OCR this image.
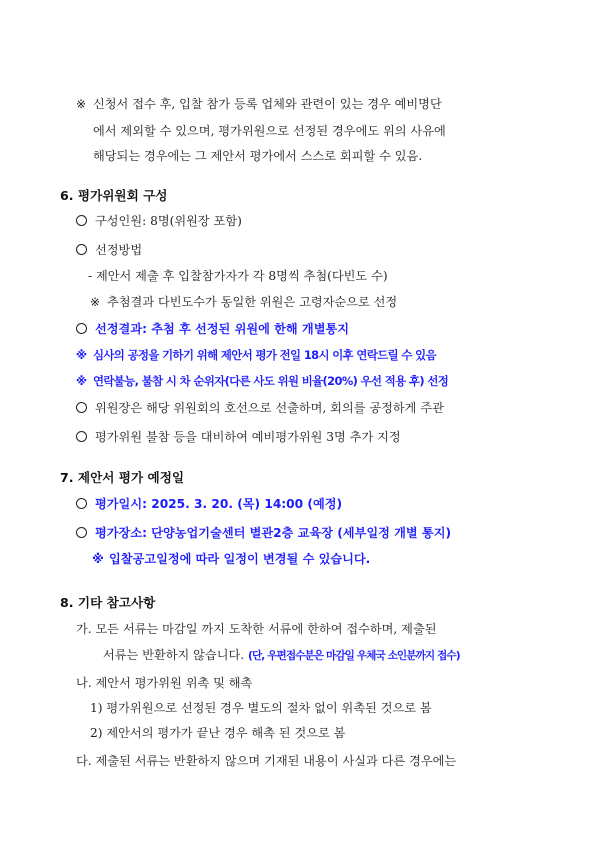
※ 신청서 접수 후, 입찰 참가 등록 업체와 관련이 있는 경우 예비명단
에서 제외할 수 있으며, 평가위원으로 선정된 경우에도 위의 사유에
해당되는 경우에는 그 제안서 평가에서 스스로 회피할 수 있음.
6. 평가위원회 구성
구성인원: 8명(위원장 포함)
선정방법
- 제안서 제출 후 입찰참가자가 각 8명씩 추첨(다빈도 수)
※ 추첨결과 다빈도수가 동일한 위원은 고령자순으로 선정
선정결과: 추첨 후 선정된 위원에 한해 개별통지
※ 심사의 공정을 기하기 위해 제안서 평가 전일 18시 이후 연락드릴 수 있음
※ 연락불능, 불참 시 차 순위자(다른 사도 위원 비율(20%) 우선 적용 후) 선정
위원장은 해당 위원회의 호선으로 선출하며, 회의를 공정하게 주관
평가위원 불참 등을 대비하여 예비평가위원 3명 추가 지정
7. 제안서 평가 예정일
평가일시: 2025. 3. 20. (목) 14:00 (예정)
평가장소: 단양농업기술센터 별관2층 교육장 (세부일정 개별 통지)
※ 입찰공고일정에 따라 일정이 변경될 수 있습니다.
8. 기타 참고사항
가. 모든 서류는 마감일 까지 도착한 서류에 한하여 접수하며, 제출된
서류는 반환하지 않습니다. (단, 우편접수분은 마감일 우체국 소인분까지 접수)
나. 제안서 평가위원 위촉 및 해촉
1) 평가위원으로 선정된 경우 별도의 절차 없이 위촉된 것으로 봄
2) 제안서의 평가가 끝난 경우 해촉 된 것으로 봄
다. 제출된 서류는 반환하지 않으며 기재된 내용이 사실과 다른 경우에는
